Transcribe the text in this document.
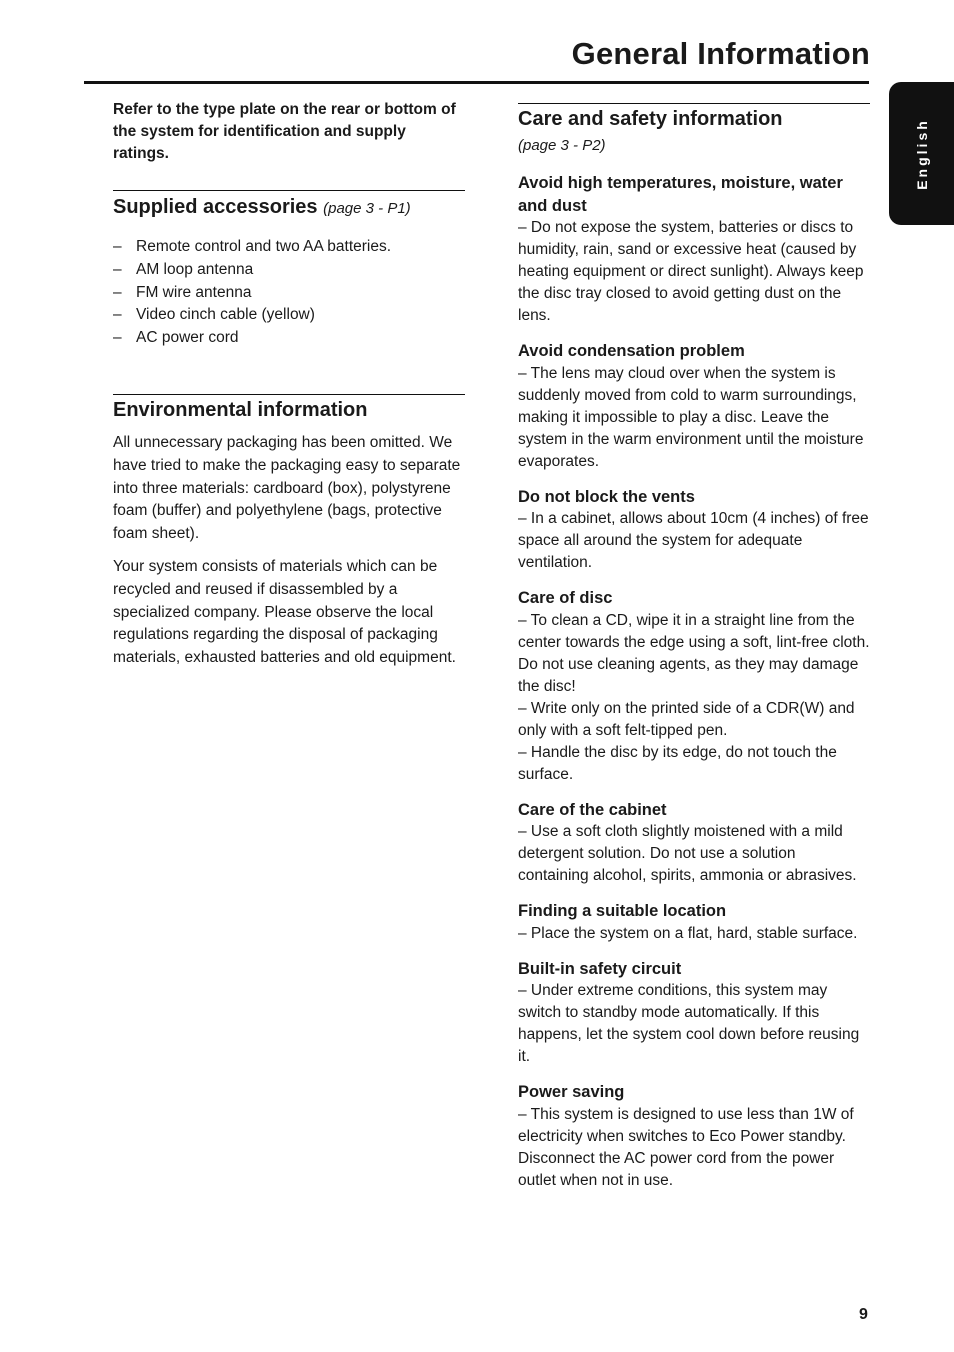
General Information
English

Refer to the type plate on the rear or bottom of the system for identification and supply ratings.

Supplied accessories (page 3 - P1)
– Remote control and two AA batteries.
– AM loop antenna
– FM wire antenna
– Video cinch cable (yellow)
– AC power cord
Environmental information

All unnecessary packaging has been omitted. We have tried to make the packaging easy to separate into three materials: cardboard (box), polystyrene foam (buffer) and polyethylene (bags, protective foam sheet).

Your system consists of materials which can be recycled and reused if disassembled by a specialized company. Please observe the local regulations regarding the disposal of packaging materials, exhausted batteries and old equipment.

Care and safety information
(page 3 - P2)
Avoid high temperatures, moisture, water and dust

– Do not expose the system, batteries or discs to humidity, rain, sand or excessive heat (caused by heating equipment or direct sunlight). Always keep the disc tray closed to avoid getting dust on the lens.

Avoid condensation problem

– The lens may cloud over when the system is suddenly moved from cold to warm surroundings, making it impossible to play a disc. Leave the system in the warm environment until the moisture evaporates.

Do not block the vents

– In a cabinet, allows about 10cm (4 inches) of free space all around the system for adequate ventilation.

Care of disc

– To clean a CD, wipe it in a straight line from the center towards the edge using a soft, lint-free cloth. Do not use cleaning agents, as they may damage the disc!

– Write only on the printed side of a CDR(W) and only with a soft felt-tipped pen.

– Handle the disc by its edge, do not touch the surface.

Care of the cabinet

– Use a soft cloth slightly moistened with a mild detergent solution. Do not use a solution containing alcohol, spirits, ammonia or abrasives.

Finding a suitable location

– Place the system on a flat, hard, stable surface.

Built-in safety circuit

– Under extreme conditions, this system may switch to standby mode automatically. If this happens, let the system cool down before reusing it.

Power saving

– This system is designed to use less than 1W of electricity when switches to Eco Power standby. Disconnect the AC power cord from the power outlet when not in use.

9
